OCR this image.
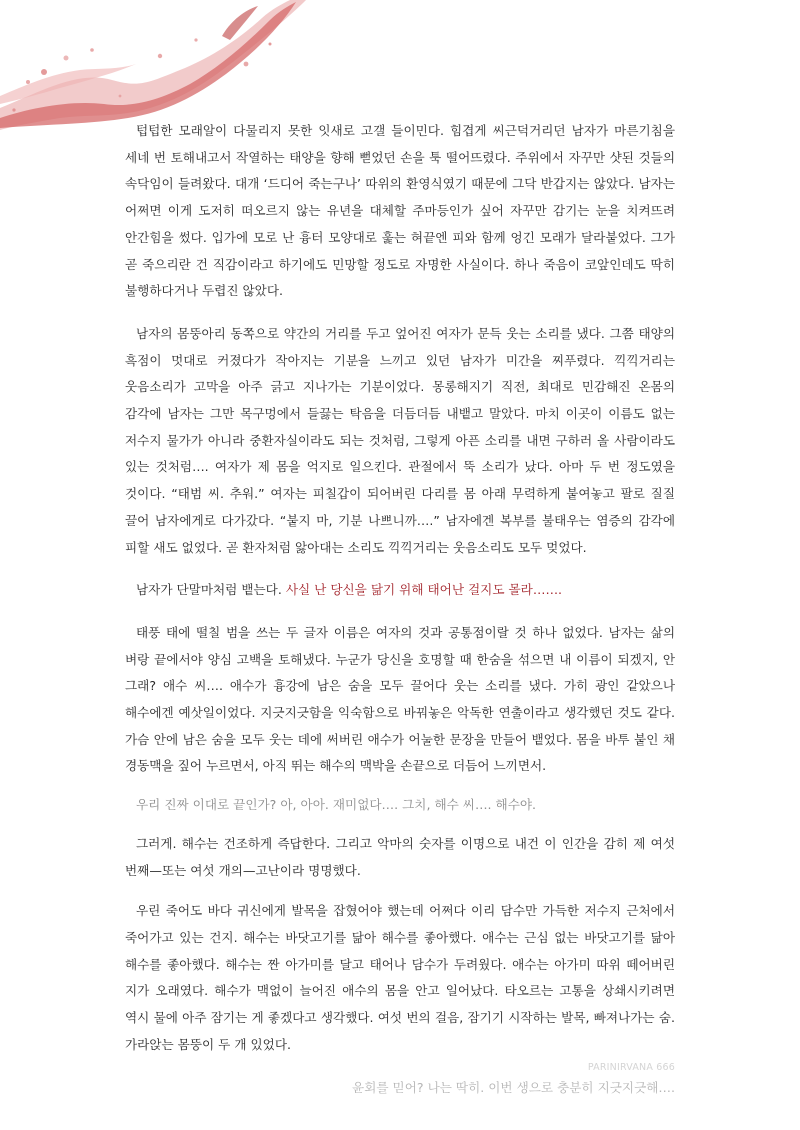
텁텁한 모래알이 다물리지 못한 잇새로 고갤 들이민다. 힘겹게 씨근덕거리던 남자가 마른기침을 세네 번 토해내고서 작열하는 태양을 향해 뻗었던 손을 툭 떨어뜨렸다. 주위에서 자꾸만 샷된 것들의 속닥임이 들려왔다. 대개 ‘드디어 죽는구나’ 따위의 환영식였기 때문에 그닥 반갑지는 않았다. 남자는 어쩌면 이게 도저히 떠오르지 않는 유년을 대체할 주마등인가 싶어 자꾸만 감기는 눈을 치켜뜨려 안간힘을 썼다. 입가에 모로 난 흉터 모양대로 훑는 혀끝엔 피와 함께 엉긴 모래가 달라붙었다. 그가 곧 죽으리란 건 직감이라고 하기에도 민망할 정도로 자명한 사실이다. 하나 죽음이 코앞인데도 딱히 불행하다거나 두렵진 않았다.

남자의 몸뚱아리 동쪽으로 약간의 거리를 두고 엎어진 여자가 문득 웃는 소리를 냈다. 그쯤 태양의 흑점이 멋대로 커졌다가 작아지는 기분을 느끼고 있던 남자가 미간을 찌푸렸다. 끽끽거리는 웃음소리가 고막을 아주 긁고 지나가는 기분이었다. 몽롱해지기 직전, 최대로 민감해진 온몸의 감각에 남자는 그만 목구멍에서 들끓는 탁음을 더듬더듬 내뱉고 말았다. 마치 이곳이 이름도 없는 저수지 물가가 아니라 중환자실이라도 되는 것처럼, 그렇게 아픈 소리를 내면 구하러 올 사람이라도 있는 것처럼…. 여자가 제 몸을 억지로 일으킨다. 관절에서 뚝 소리가 났다. 아마 두 번 정도였을 것이다. “태범 씨. 추워.” 여자는 피칠갑이 되어버린 다리를 몸 아래 무력하게 붙여놓고 팔로 질질 끌어 남자에게로 다가갔다. “붙지 마, 기분 나쁘니까….” 남자에겐 복부를 불태우는 염증의 감각에 피할 새도 없었다. 곧 환자처럼 앓아대는 소리도 끽끽거리는 웃음소리도 모두 멎었다.

남자가 단말마처럼 뱉는다. 사실 난 당신을 닮기 위해 태어난 걸지도 몰라…….

태풍 태에 떨칠 범을 쓰는 두 글자 이름은 여자의 것과 공통점이랄 것 하나 없었다. 남자는 삶의 벼랑 끝에서야 양심 고백을 토해냈다. 누군가 당신을 호명할 때 한숨을 섞으면 내 이름이 되겠지, 안 그래? 애수 씨…. 애수가 흉강에 남은 숨을 모두 끌어다 웃는 소리를 냈다. 가히 광인 같았으나 해수에겐 예삿일이었다. 지긋지긋함을 익숙함으로 바꿔놓은 악독한 연출이라고 생각했던 것도 같다. 가슴 안에 남은 숨을 모두 웃는 데에 써버린 애수가 어눌한 문장을 만들어 뱉었다. 몸을 바투 붙인 채 경동맥을 짚어 누르면서, 아직 뛰는 해수의 맥박을 손끝으로 더듬어 느끼면서.

우리 진짜 이대로 끝인가? 아, 아아. 재미없다…. 그치, 해수 씨…. 해수야.

그러게. 해수는 건조하게 즉답한다. 그리고 악마의 숫자를 이명으로 내건 이 인간을 감히 제 여섯 번째—또는 여섯 개의—고난이라 명명했다.

우린 죽어도 바다 귀신에게 발목을 잡혔어야 했는데 어쩌다 이리 담수만 가득한 저수지 근처에서 죽어가고 있는 건지. 해수는 바닷고기를 닮아 해수를 좋아했다. 애수는 근심 없는 바닷고기를 닮아 해수를 좋아했다. 해수는 짠 아가미를 달고 태어나 담수가 두려웠다. 애수는 아가미 따위 떼어버린 지가 오래였다. 해수가 맥없이 늘어진 애수의 몸을 안고 일어났다. 타오르는 고통을 상쇄시키려면 역시 물에 아주 잠기는 게 좋겠다고 생각했다. 여섯 번의 걸음, 잠기기 시작하는 발목, 빠져나가는 숨. 가라앉는 몸뚱이 두 개 있었다.

윤회를 믿어? 나는 딱히. 이번 생으로 충분히 지긋지긋해….

PARINIRVANA 666
